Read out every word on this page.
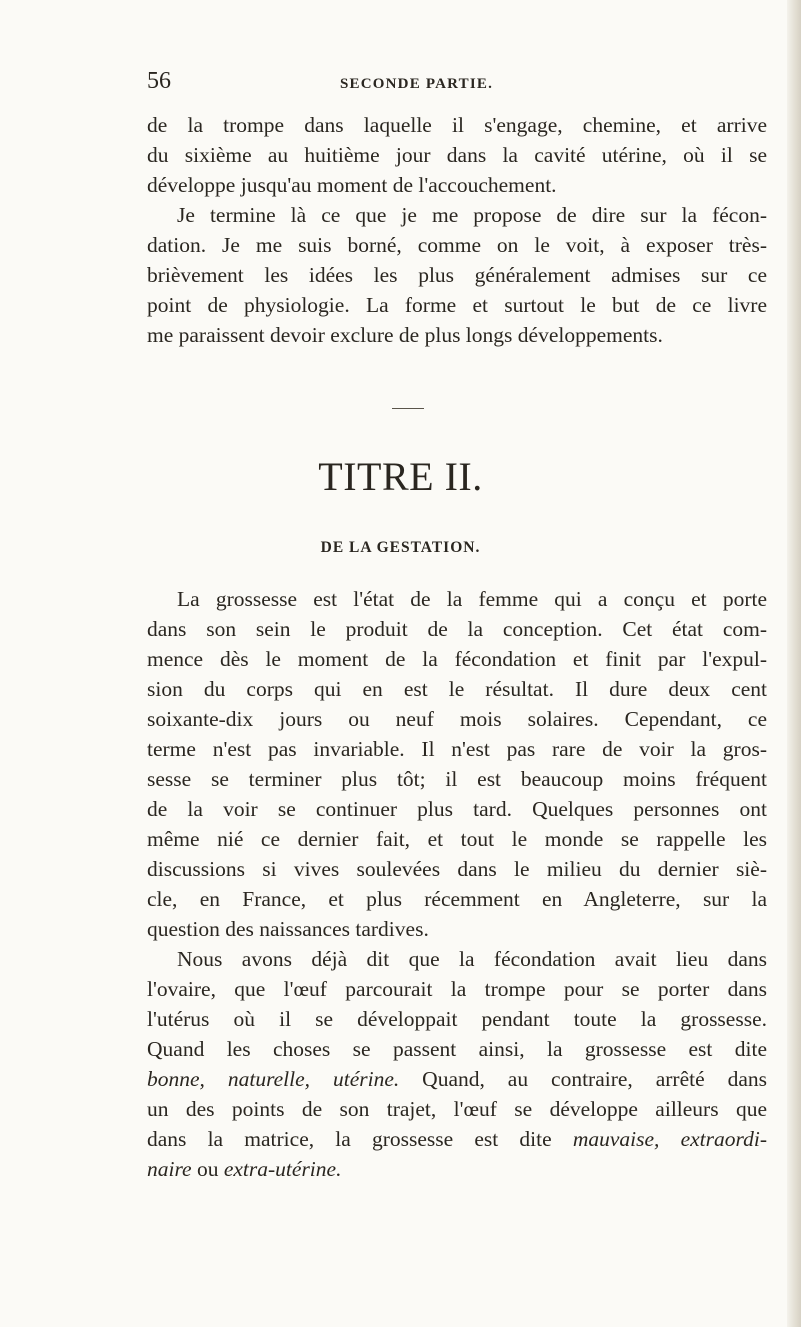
56	SECONDE PARTIE.
de la trompe dans laquelle il s'engage, chemine, et arrive
du sixième au huitième jour dans la cavité utérine, où il se
développe jusqu'au moment de l'accouchement.
Je termine là ce que je me propose de dire sur la fécon-
dation. Je me suis borné, comme on le voit, à exposer très-
brièvement les idées les plus généralement admises sur ce
point de physiologie. La forme et surtout le but de ce livre
me paraissent devoir exclure de plus longs développements.
TITRE II.
DE LA GESTATION.
La grossesse est l'état de la femme qui a conçu et porte
dans son sein le produit de la conception. Cet état com-
mence dès le moment de la fécondation et finit par l'expul-
sion du corps qui en est le résultat. Il dure deux cent
soixante-dix jours ou neuf mois solaires. Cependant, ce
terme n'est pas invariable. Il n'est pas rare de voir la gros-
sesse se terminer plus tôt; il est beaucoup moins fréquent
de la voir se continuer plus tard. Quelques personnes ont
même nié ce dernier fait, et tout le monde se rappelle les
discussions si vives soulevées dans le milieu du dernier siè-
cle, en France, et plus récemment en Angleterre, sur la
question des naissances tardives.
Nous avons déjà dit que la fécondation avait lieu dans
l'ovaire, que l'œuf parcourait la trompe pour se porter dans
l'utérus où il se développait pendant toute la grossesse.
Quand les choses se passent ainsi, la grossesse est dite
bonne, naturelle, utérine. Quand, au contraire, arrêté dans
un des points de son trajet, l'œuf se développe ailleurs que
dans la matrice, la grossesse est dite mauvaise, extraordi-
naire ou extra-utérine.
